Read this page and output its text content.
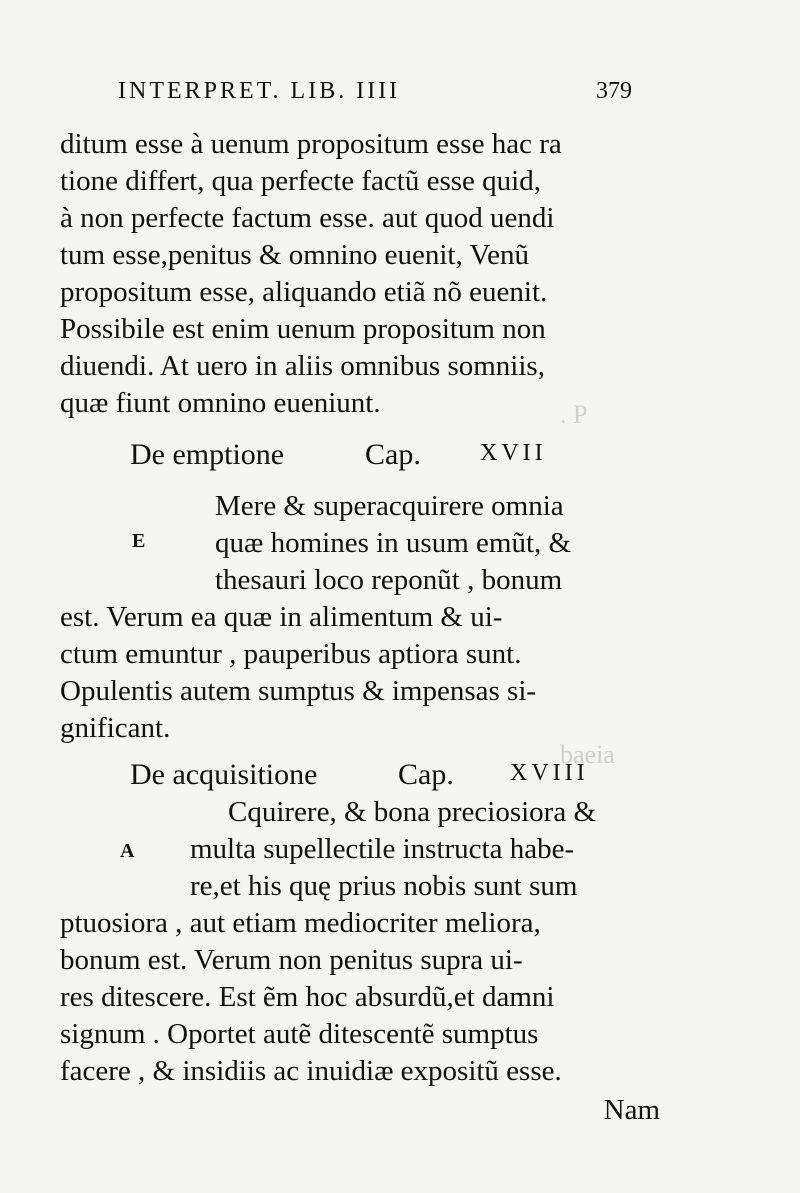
. P
baeia
INTERPRET. LIB. IIII	379
ditum esse à uenum propositum esse hac ra
tione differt, qua perfecte factũ esse quid,
à non perfecte factum esse. aut quod uendi
tum esse,penitus & omnino euenit, Venũ
propositum esse, aliquando etiã nõ euenit.
Possibile est enim uenum propositum non
diuendi. At uero in aliis omnibus somniis,
quæ fiunt omnino eueniunt.
De emptione	Cap. XVII
E
Mere & superacquirere omnia
quæ homines in usum emũt, &
thesauri loco reponũt , bonum
est. Verum ea quæ in alimentum & ui-
ctum emuntur , pauperibus aptiora sunt.
Opulentis autem sumptus & impensas si-
gnificant.
De acquisitione	Cap. XVIII
A
Cquirere, & bona preciosiora &
multa supellectile instructa habe-
re,et his quę prius nobis sunt sum
ptuosiora , aut etiam mediocriter meliora,
bonum est. Verum non penitus supra ui-
res ditescere. Est ẽm hoc absurdũ,et damni
signum . Oportet autẽ ditescentẽ sumptus
facere , & insidiis ac inuidiæ expositũ esse.
Nam
